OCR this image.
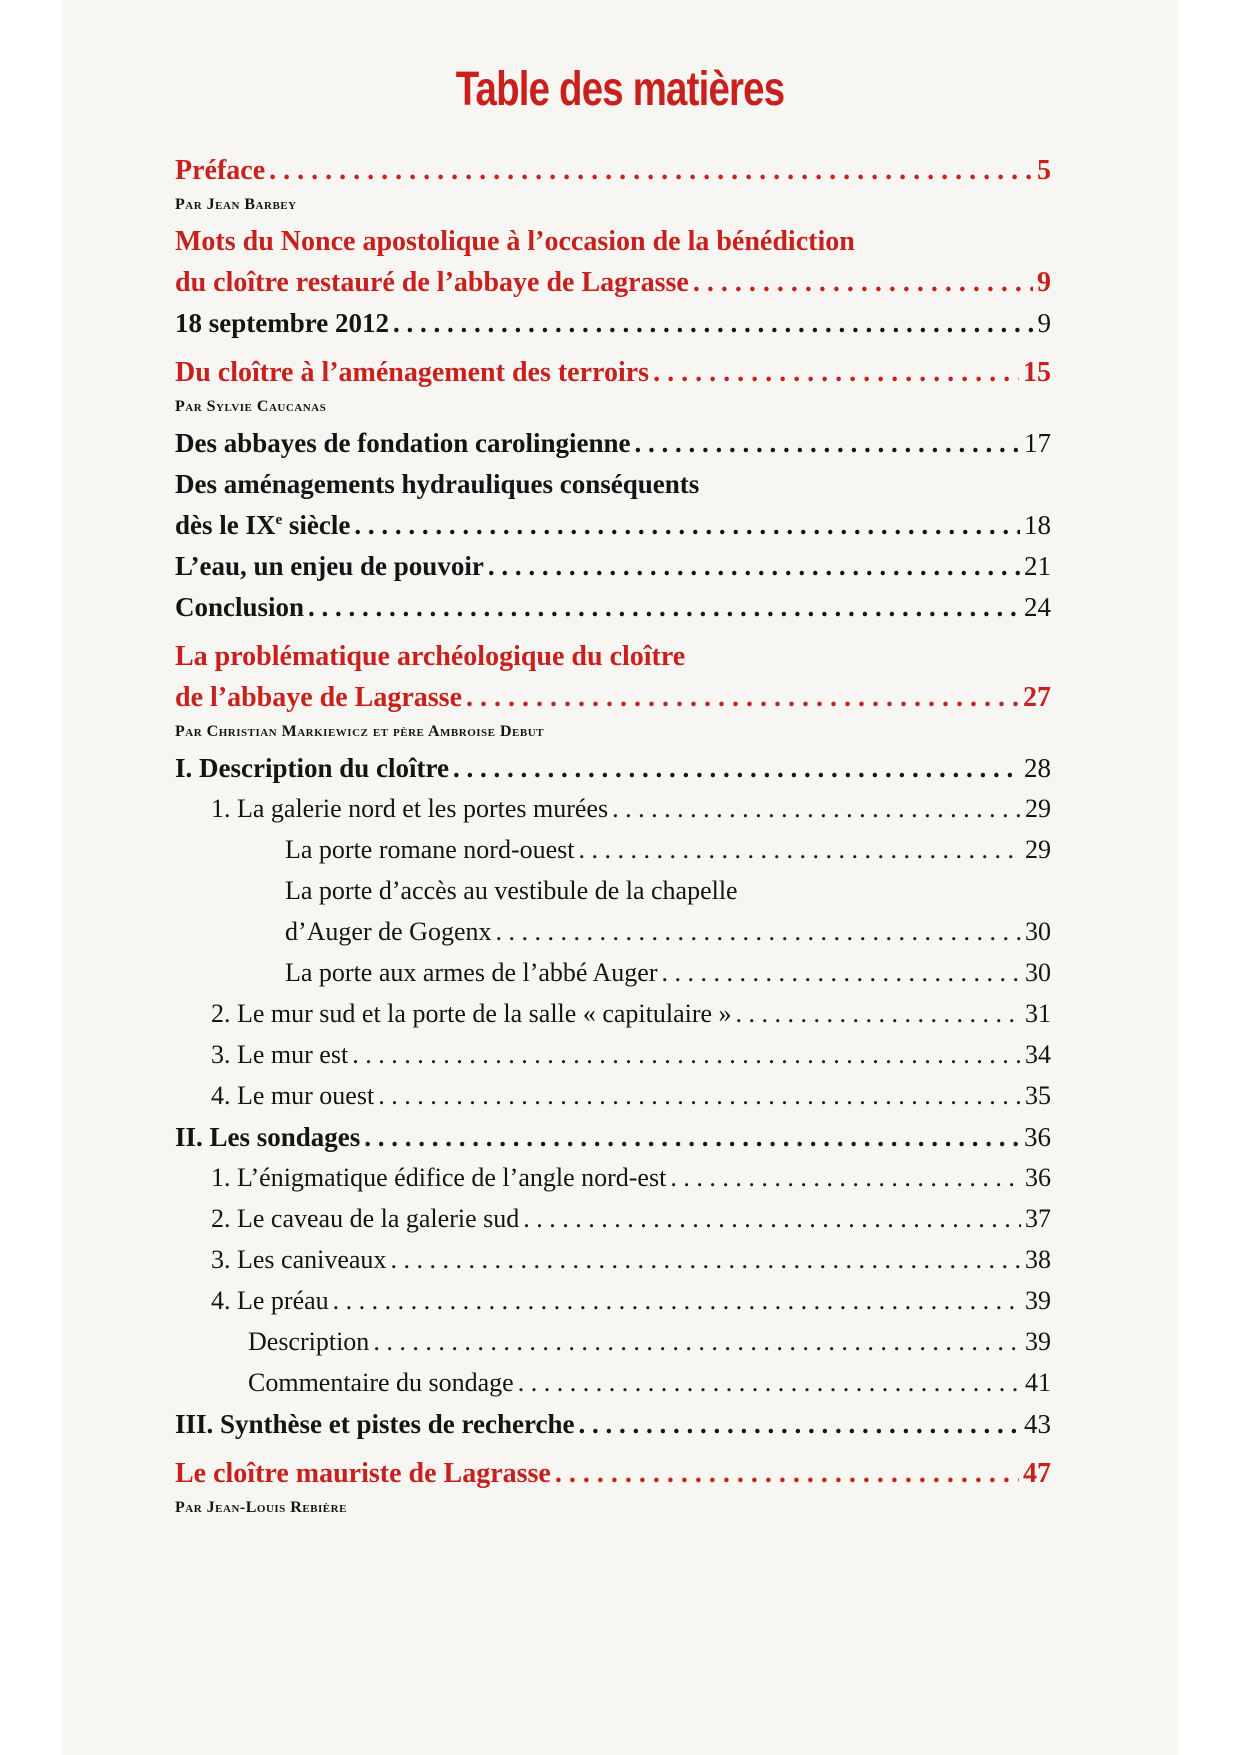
Table des matières
Préface . . .	5
Par Jean Barbey
Mots du Nonce apostolique à l’occasion de la bénédiction
du cloître restauré de l’abbaye de Lagrasse . . .	9
18 septembre 2012 . . .	9
Du cloître à l’aménagement des terroirs . . .	15
Par Sylvie Caucanas
Des abbayes de fondation carolingienne . . .	17
Des aménagements hydrauliques conséquents
dès le IXe siècle . . .	18
L’eau, un enjeu de pouvoir . . .	21
Conclusion . . .	24
La problématique archéologique du cloître
de l’abbaye de Lagrasse . . .	27
Par Christian Markiewicz et père Ambroise Debut
I. Description du cloître . . .	28
1. La galerie nord et les portes murées . . .	29
La porte romane nord-ouest . . .	29
La porte d’accès au vestibule de la chapelle
d’Auger de Gogenx . . .	30
La porte aux armes de l’abbé Auger . . .	30
2. Le mur sud et la porte de la salle « capitulaire » . . .	31
3. Le mur est . . .	34
4. Le mur ouest . . .	35
II. Les sondages . . .	36
1. L’énigmatique édifice de l’angle nord-est . . .	36
2. Le caveau de la galerie sud . . .	37
3. Les caniveaux . . .	38
4. Le préau . . .	39
Description . . .	39
Commentaire du sondage . . .	41
III. Synthèse et pistes de recherche . . .	43
Le cloître mauriste de Lagrasse . . .	47
Par Jean-Louis Rebière
